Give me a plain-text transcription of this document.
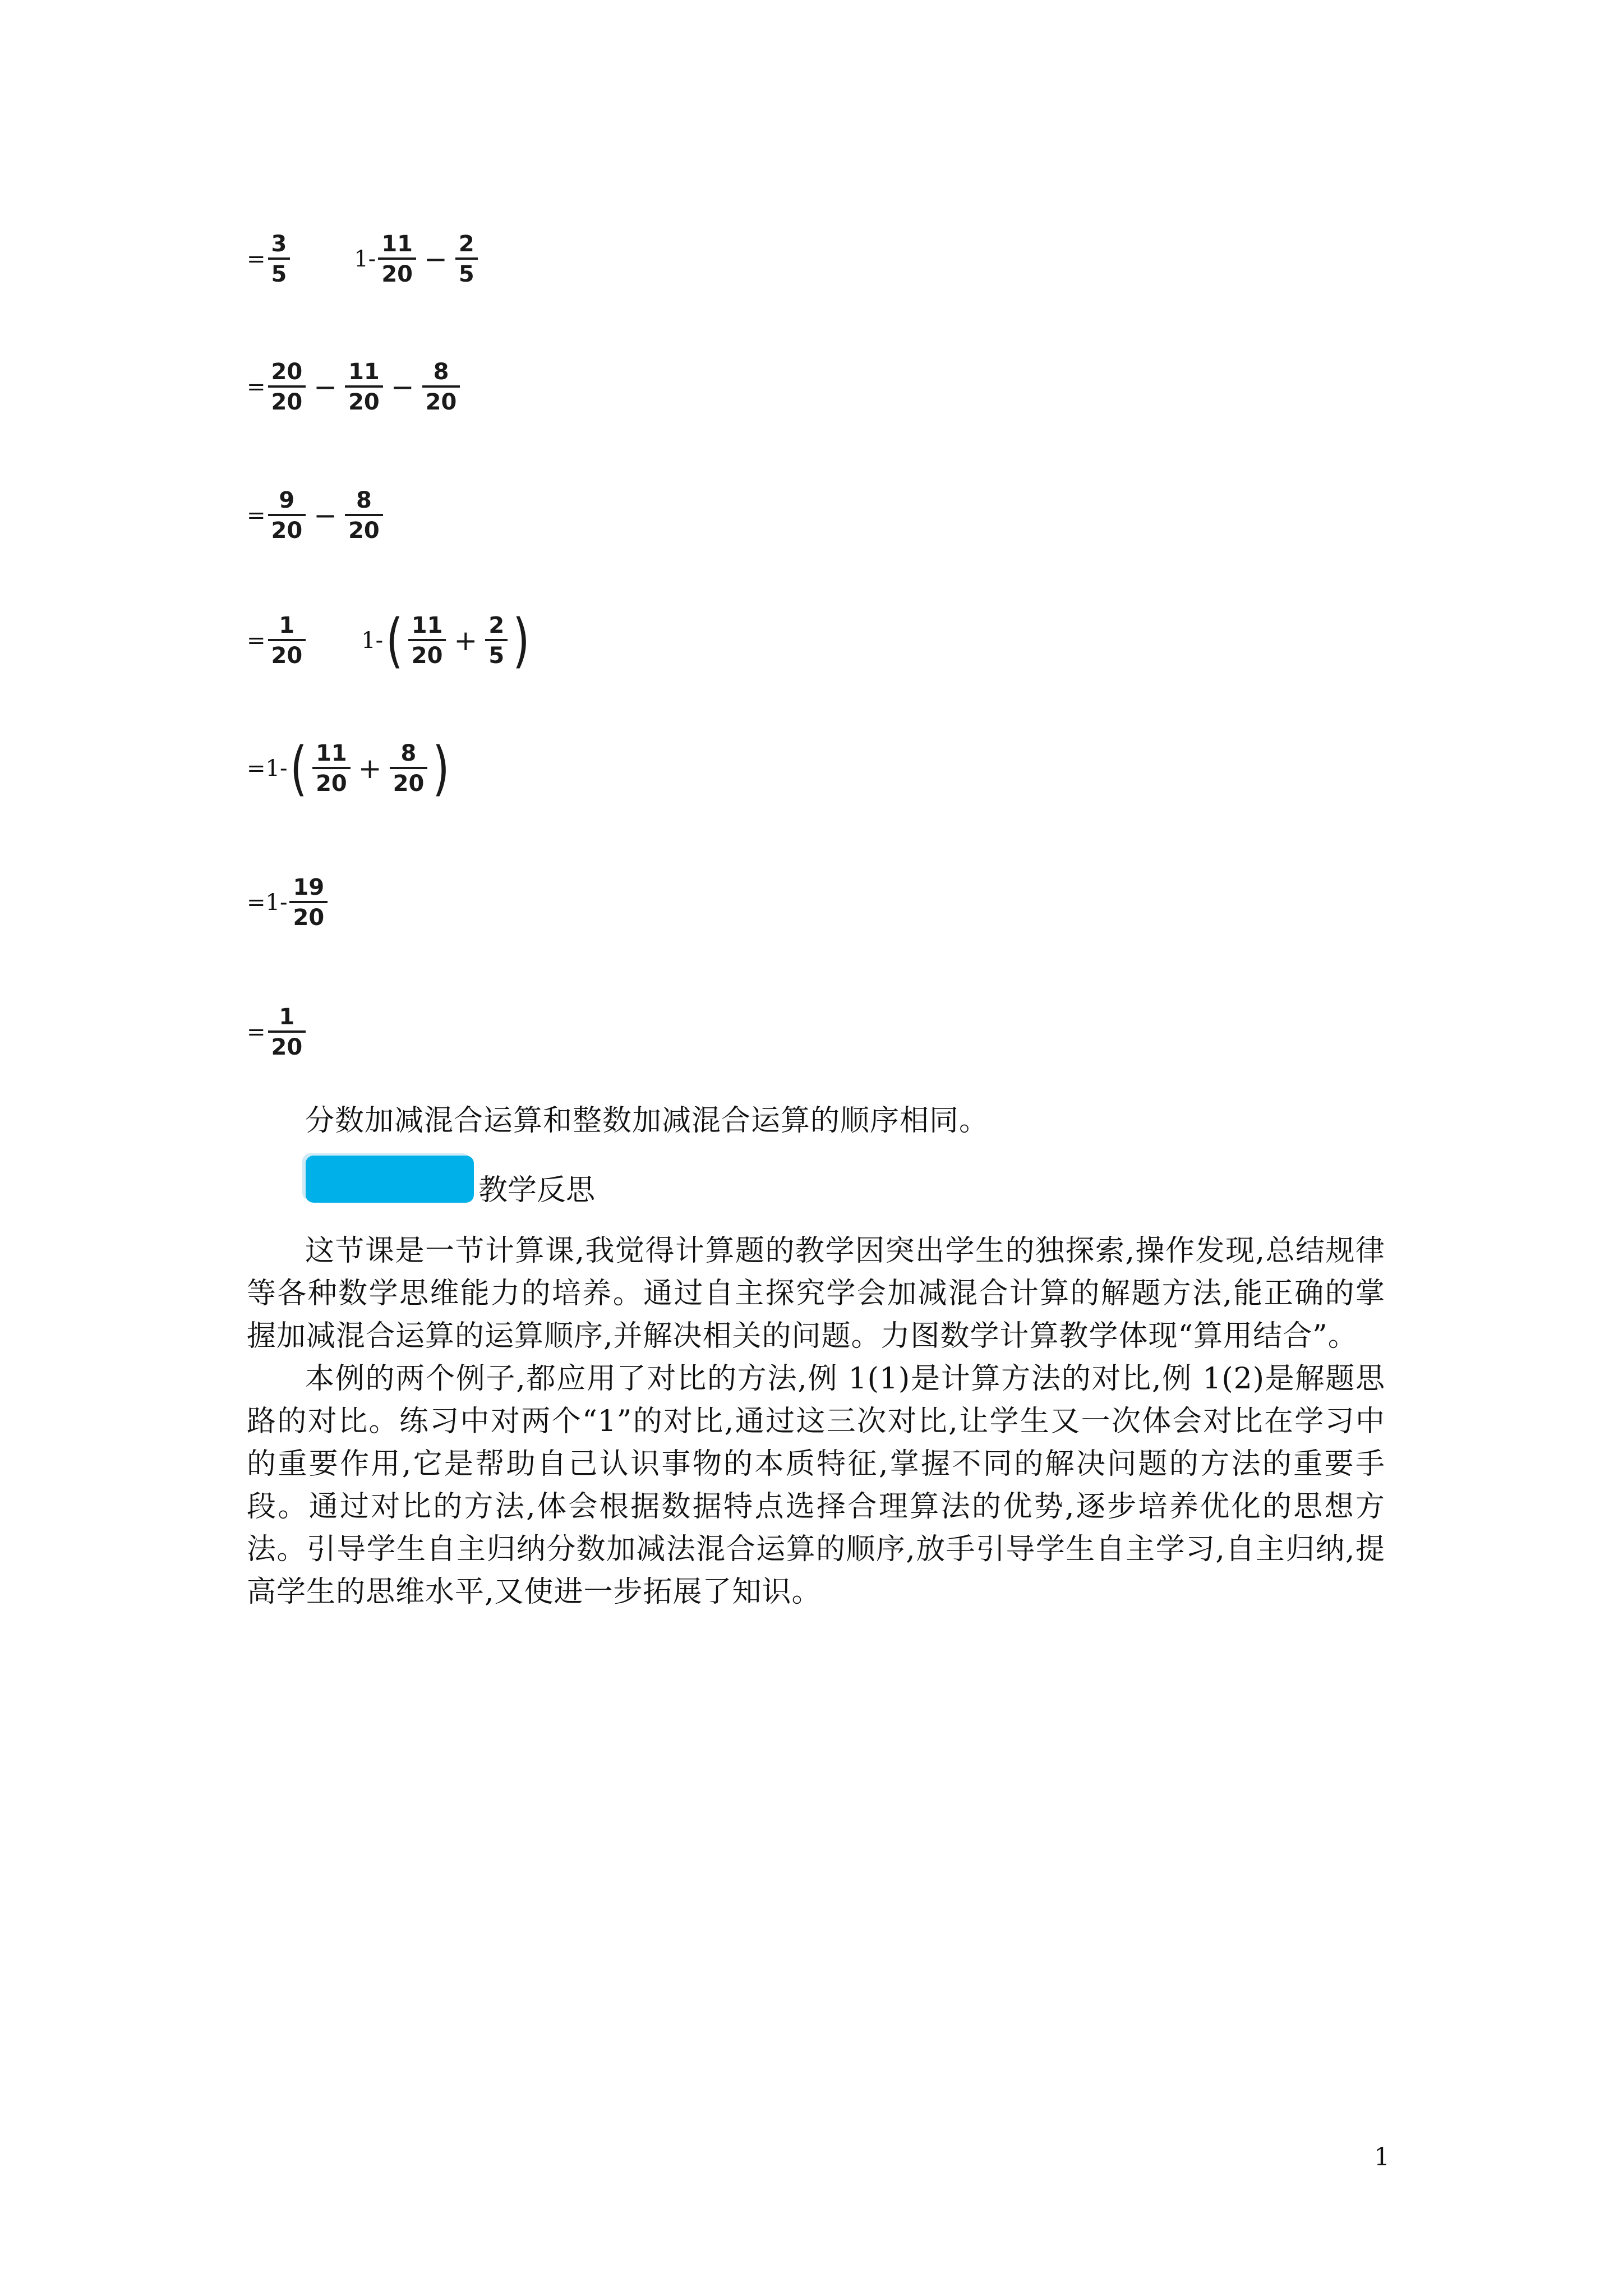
= $\frac{3}{5}$	$1- \frac{11}{20} - \frac{2}{5}$
= $\frac{20}{20} - \frac{11}{20} - \frac{8}{20}$
= $\frac{9}{20} - \frac{8}{20}$
= $\frac{1}{20} 1-$ ( $\frac{11}{20} + \frac{2}{5}$ )
=1- ( $\frac{11}{20} + \frac{8}{20}$ )
$=1- \frac{19}{20}$
= $\frac{1}{20}$
分数加减混合运算和整数加减混合运算的顺序相同。
教学反思
这节课是一节计算课,我觉得计算题的教学因突出学生的独探索,操作发现,总结规律等各种数学思维能力的培养。通过自主探究学会加减混合计算的解题方法,能正确的掌握加减混合运算的运算顺序,并解决相关的问题。力图数学计算教学体现“算用结合”。
本例的两个例子,都应用了对比的方法,例 1(1)是计算方法的对比,例 1(2)是解题思路的对比。练习中对两个“1”的对比,通过这三次对比,让学生又一次体会对比在学习中的重要作用,它是帮助自己认识事物的本质特征,掌握不同的解决问题的方法的重要手段。通过对比的方法,体会根据数据特点选择合理算法的优势,逐步培养优化的思想方法。引导学生自主归纳分数加减法混合运算的顺序,放手引导学生自主学习,自主归纳,提高学生的思维水平,又使进一步拓展了知识。
1
